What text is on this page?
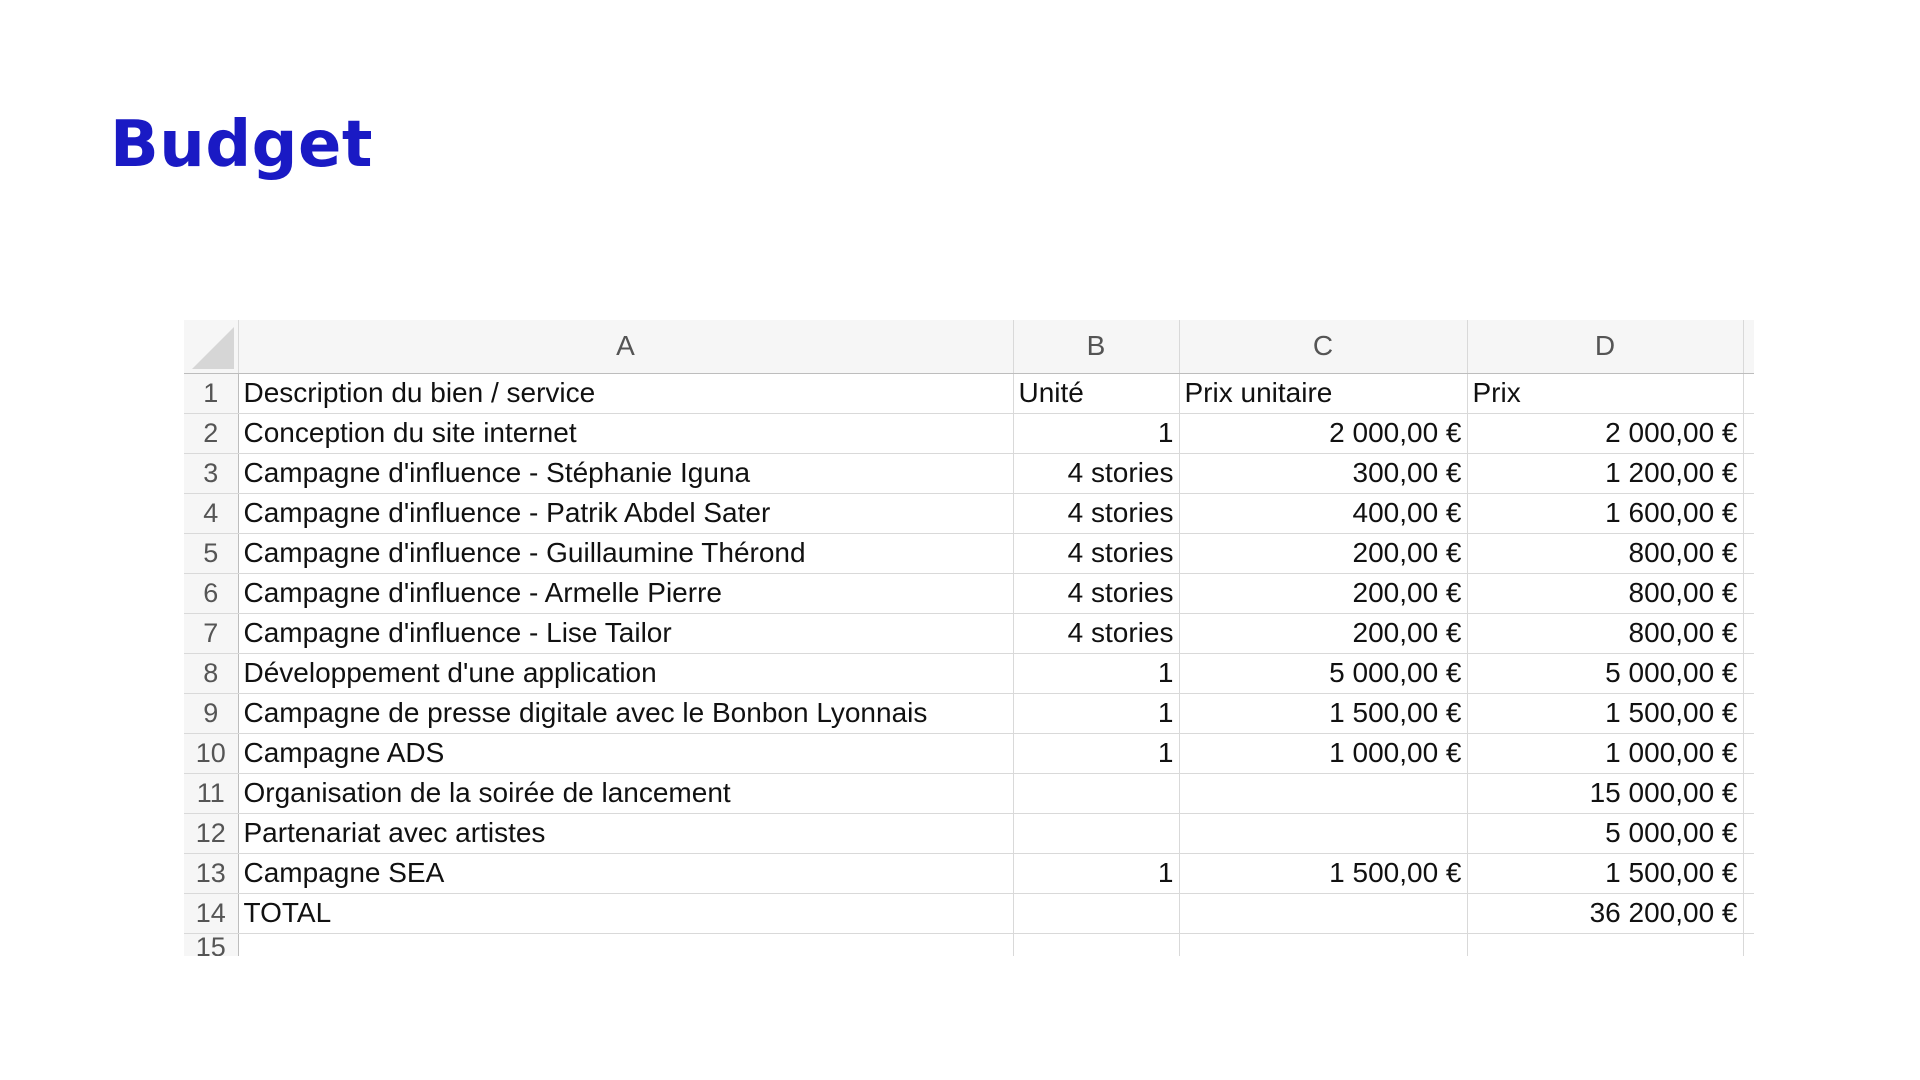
Budget
	A	B	C	D	
1	Description du bien / service	Unité	Prix unitaire	Prix	
2	Conception du site internet	1	2 000,00 €	2 000,00 €	
3	Campagne d'influence - Stéphanie Iguna	4 stories	300,00 €	1 200,00 €	
4	Campagne d'influence - Patrik Abdel Sater	4 stories	400,00 €	1 600,00 €	
5	Campagne d'influence - Guillaumine Thérond	4 stories	200,00 €	800,00 €	
6	Campagne d'influence - Armelle Pierre	4 stories	200,00 €	800,00 €	
7	Campagne d'influence - Lise Tailor	4 stories	200,00 €	800,00 €	
8	Développement d'une application	1	5 000,00 €	5 000,00 €	
9	Campagne de presse digitale avec le Bonbon Lyonnais	1	1 500,00 €	1 500,00 €	
10	Campagne ADS	1	1 000,00 €	1 000,00 €	
11	Organisation de la soirée de lancement			15 000,00 €	
12	Partenariat avec artistes			5 000,00 €	
13	Campagne SEA	1	1 500,00 €	1 500,00 €	
14	TOTAL			36 200,00 €	
15					
